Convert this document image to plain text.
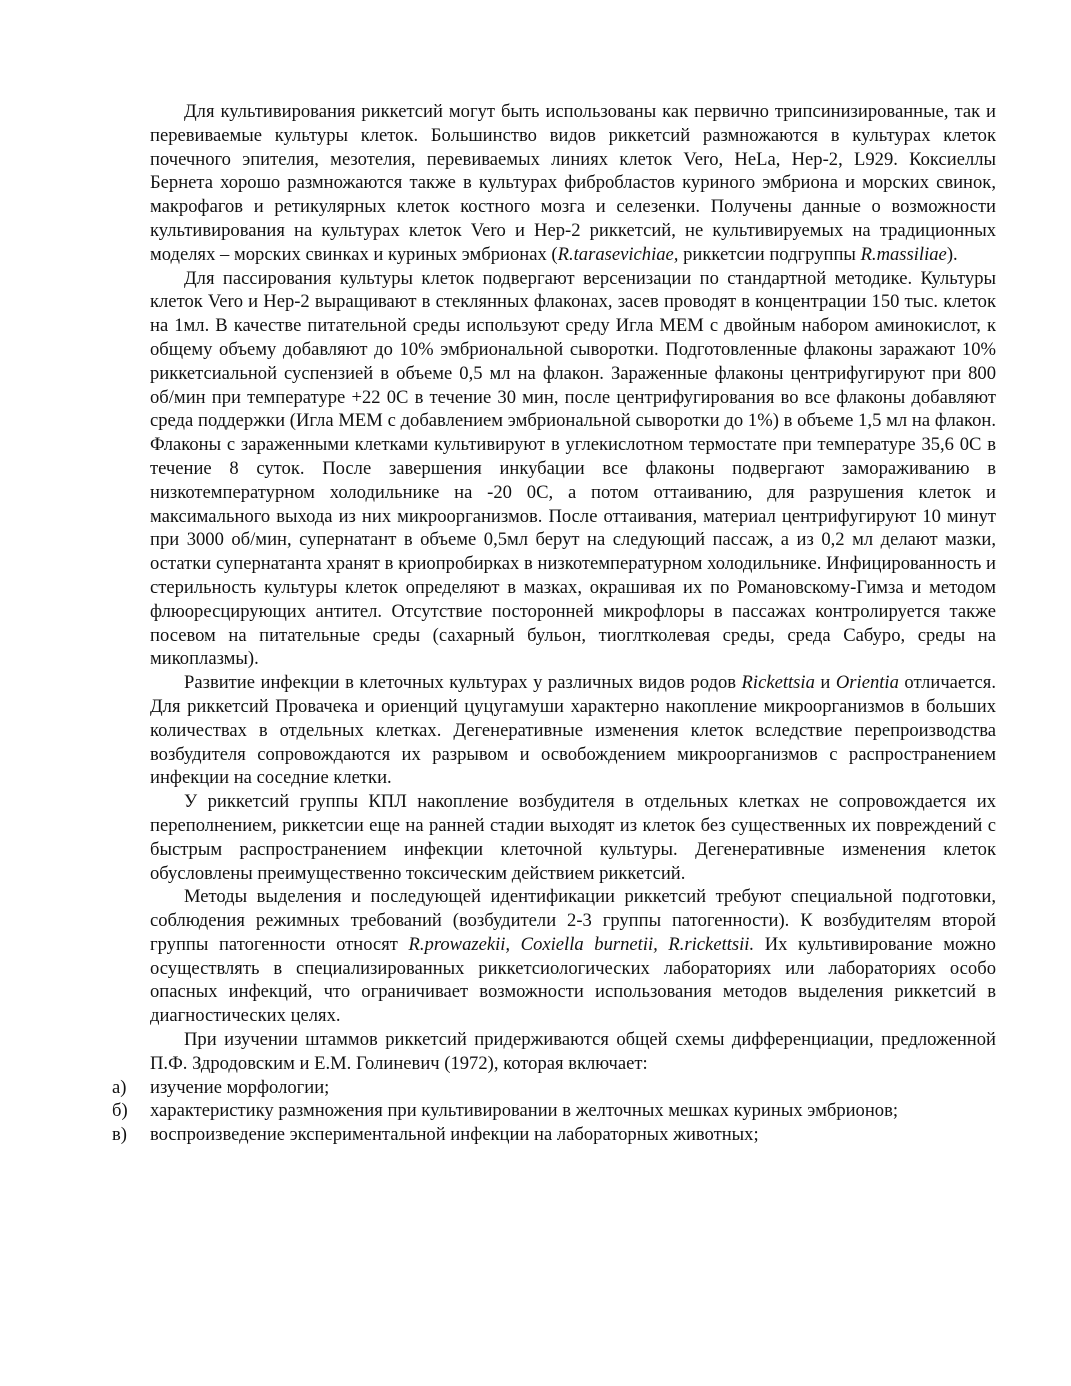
Для культивирования риккетсий могут быть использованы как первично трипсинизированные, так и перевиваемые культуры клеток. Большинство видов риккетсий размножаются в культурах клеток почечного эпителия, мезотелия, перевиваемых линиях клеток Vero, HeLa, Hep-2, L929. Коксиеллы Бернета хорошо размножаются также в культурах фибробластов куриного эмбриона и морских свинок, макрофагов и ретикулярных клеток костного мозга и селезенки. Получены данные о возможности культивирования на культурах клеток Vero и Hep-2 риккетсий, не культивируемых на традиционных моделях – морских свинках и куриных эмбрионах (R.tarasevichiae, риккетсии подгруппы R.massiliae).

Для пассирования культуры клеток подвергают версенизации по стандартной методике. Культуры клеток Vero и Hep-2 выращивают в стеклянных флаконах, засев проводят в концентрации 150 тыс. клеток на 1мл. В качестве питательной среды используют среду Игла MEM с двойным набором аминокислот, к общему объему добавляют до 10% эмбриональной сыворотки. Подготовленные флаконы заражают 10% риккетсиальной суспензией в объеме 0,5 мл на флакон. Зараженные флаконы центрифугируют при 800 об/мин при температуре +22 0С в течение 30 мин, после центрифугирования во все флаконы добавляют среда поддержки (Игла MEM с добавлением эмбриональной сыворотки до 1%) в объеме 1,5 мл на флакон. Флаконы с зараженными клетками культивируют в углекислотном термостате при температуре 35,6 0С в течение 8 суток. После завершения инкубации все флаконы подвергают замораживанию в низкотемпературном холодильнике на -20 0С, а потом оттаиванию, для разрушения клеток и максимального выхода из них микроорганизмов. После оттаивания, материал центрифугируют 10 минут при 3000 об/мин, супернатант в объеме 0,5мл берут на следующий пассаж, а из 0,2 мл делают мазки, остатки супернатанта хранят в криопробирках в низкотемпературном холодильнике. Инфицированность и стерильность культуры клеток определяют в мазках, окрашивая их по Романовскому-Гимза и методом флюоресцирующих антител. Отсутствие посторонней микрофлоры в пассажах контролируется также посевом на питательные среды (сахарный бульон, тиоглтколевая среды, среда Сабуро, среды на микоплазмы).

Развитие инфекции в клеточных культурах у различных видов родов Rickettsia и Orientia отличается. Для риккетсий Провачека и ориенций цуцугамуши характерно накопление микроорганизмов в больших количествах в отдельных клетках. Дегенеративные изменения клеток вследствие перепроизводства возбудителя сопровождаются их разрывом и освобождением микроорганизмов с распространением инфекции на соседние клетки.

У риккетсий группы КПЛ накопление возбудителя в отдельных клетках не сопровождается их переполнением, риккетсии еще на ранней стадии выходят из клеток без существенных их повреждений с быстрым распространением инфекции клеточной культуры. Дегенеративные изменения клеток обусловлены преимущественно токсическим действием риккетсий.

Методы выделения и последующей идентификации риккетсий требуют специальной подготовки, соблюдения режимных требований (возбудители 2-3 группы патогенности). К возбудителям второй группы патогенности относят R.prowazekii, Coxiella burnetii, R.rickettsii. Их культивирование можно осуществлять в специализированных риккетсиологических лабораториях или лабораториях особо опасных инфекций, что ограничивает возможности использования методов выделения риккетсий в диагностических целях.

При изучении штаммов риккетсий придерживаются общей схемы дифференциации, предложенной П.Ф. Здродовским и Е.М. Голиневич (1972), которая включает:

а) изучение морфологии;
б) характеристику размножения при культивировании в желточных мешках куриных эмбрионов;
в) воспроизведение экспериментальной инфекции на лабораторных животных;
